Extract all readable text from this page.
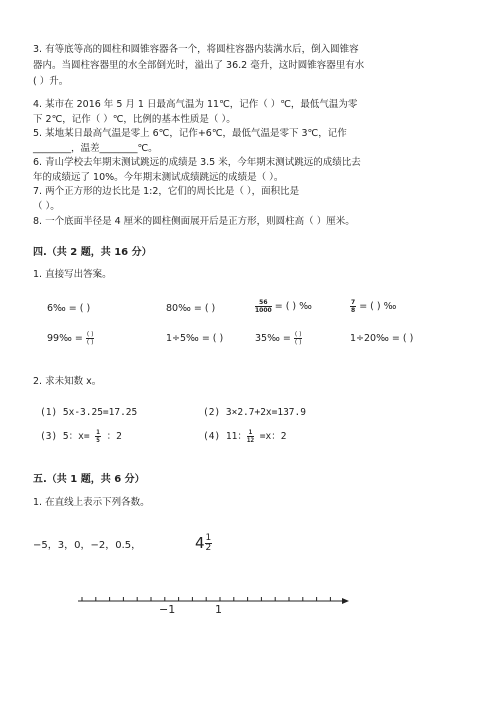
3. 有等底等高的圆柱和圆锥容器各一个，将圆柱容器内装满水后，倒入圆锥容
器内。当圆柱容器里的水全部倒光时，溢出了 36.2 毫升，这时圆锥容器里有水
( ）升。
4. 某市在 2016 年 5 月 1 日最高气温为 11℃，记作（ ）℃，最低气温为零
下 2℃，记作（ ）℃，比例的基本性质是（ ）。
5. 某地某日最高气温是零上 6℃，记作+6℃，最低气温是零下 3℃，记作
________，温差________℃。
6. 青山学校去年期末测试跳远的成绩是 3.5 米，今年期末测试跳远的成绩比去
年的成绩远了 10%。今年期末测试成绩跳远的成绩是（ ）。
7. 两个正方形的边长比是 1:2，它们的周长比是（ ），面积比是
（ ）。
8. 一个底面半径是 4 厘米的圆柱侧面展开后是正方形，则圆柱高（ ）厘米。
四.（共 2 题，共 16 分）
1. 直接写出答案。
6‰ = ( )	80‰ = ( )	$\frac{56}{1000}$ = ( ) ‰	$\frac{7}{8}$ = ( ) ‰
99‰ = $\frac{( )}{( )}$	1÷5‰ = ( )	35‰ = $\frac{( )}{( )}$	1÷20‰ = ( )
2. 求未知数 x。
(1) 5x-3.25=17.25	(2) 3×2.7+2x=137.9
(3) 5：$x= \frac{1}{5}$ ：2	(4) 11： $\frac{1}{12} =x$：2
五.（共 1 题，共 6 分）
1. 在直线上表示下列各数。
−5，3，0，−2，0.5，	$4 \frac{1}{2}$
−1	1
